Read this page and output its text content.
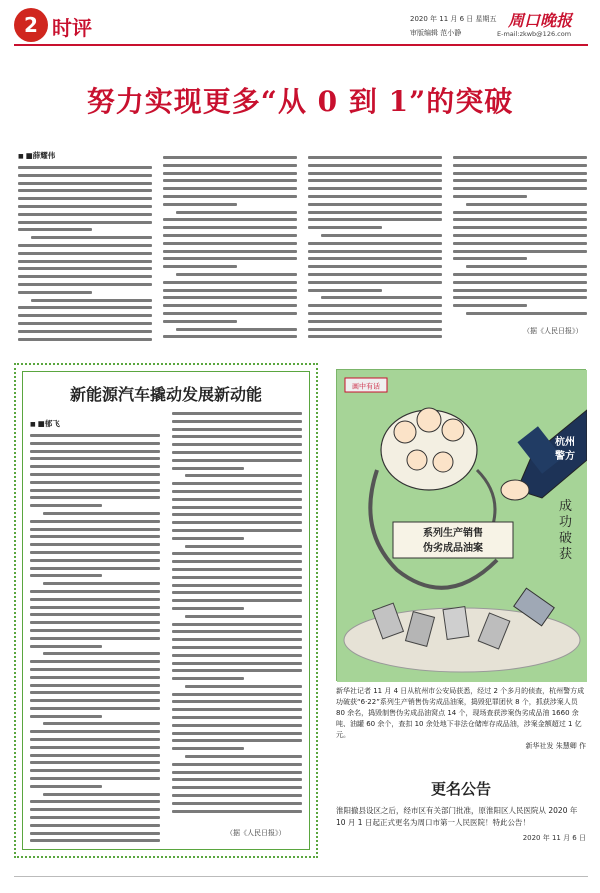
2 时评	2020 年 11 月 6 日 星期五
审版编辑 范小静
周口晚报
E-mail:zkwb@126.com
努力实现更多“从 0 到 1”的突破
■ ■薛耀伟
（据《人民日报》）
新能源汽车撬动发展新动能
■ ■郁飞
（据《人民日报》）
画中有话
杭州
警方
系列生产销售
伪劣成品油案
成
功
破
获
新华社记者 11 月 4 日从杭州市公安局获悉，经过 2 个多月的侦查，杭州警方成功破获“6·22”系列生产销售伪劣成品油案，捣毁犯罪团伙 8 个，抓获涉案人员 80 余名，捣毁制售伪劣成品油窝点 14 个，现场查获涉案伪劣成品油 1660 余吨、油罐 60 余个，查扣 10 余处地下非法仓储库存成品油，涉案金额超过 1 亿元。
新华社发 朱慧卿 作
更名公告
淮阳撤县设区之后，经市区有关部门批准，原淮阳区人民医院从 2020 年 10 月 1 日起正式更名为周口市第一人民医院！特此公告！
2020 年 11 月 6 日
